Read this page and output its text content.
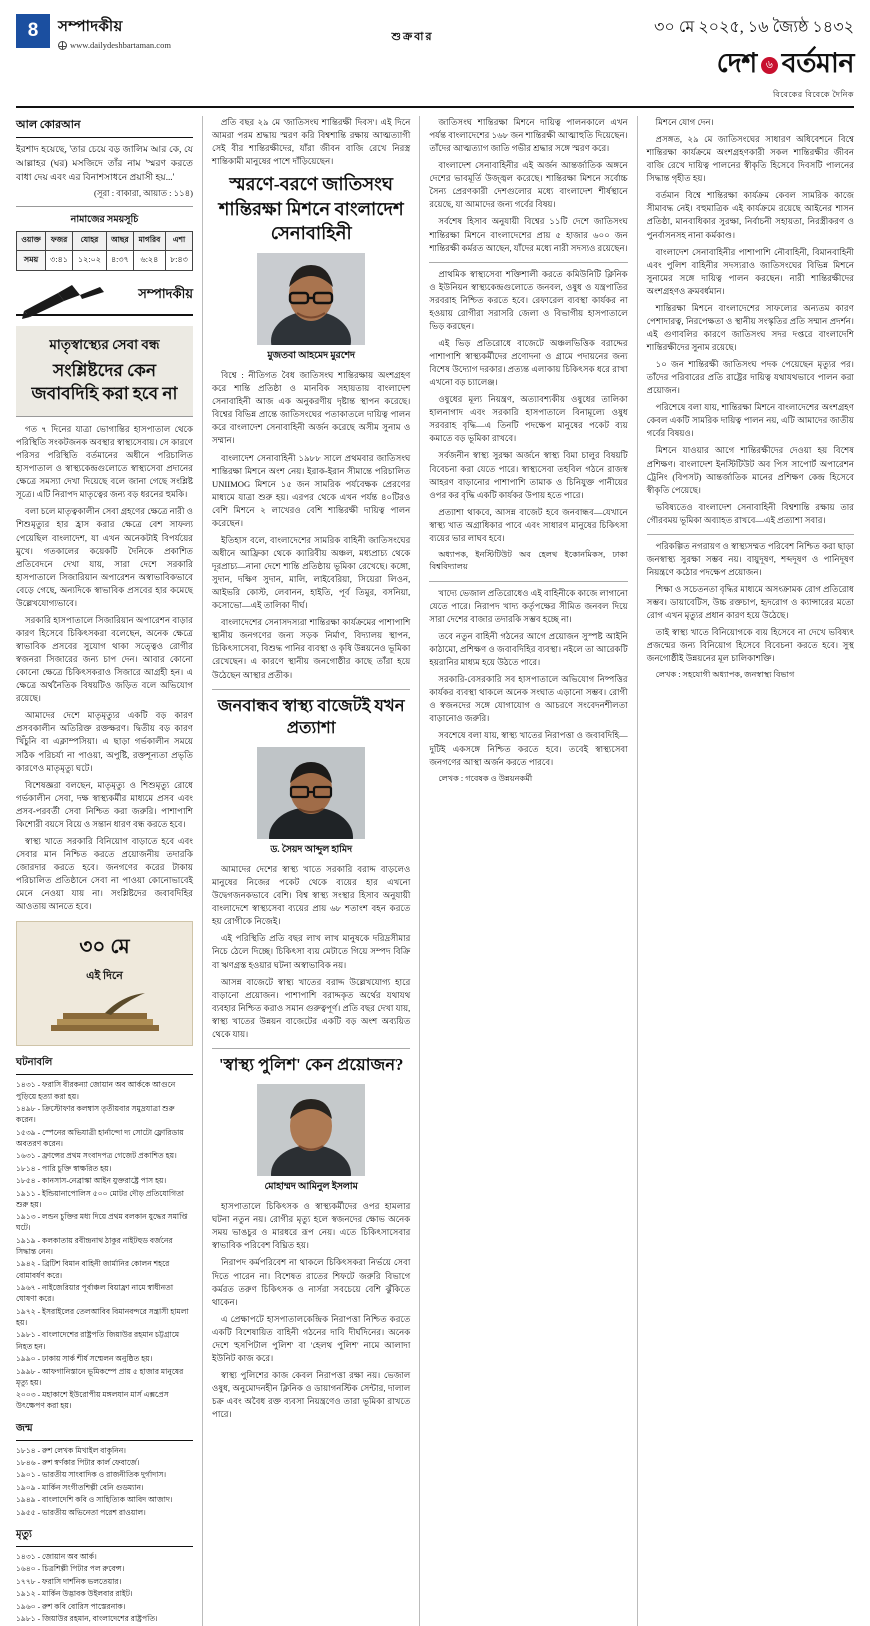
8	সম্পাদকীয়
www.dailydeshbartaman.com
শুক্রবার
৩০ মে ২০২৫, ১৬ জ্যৈষ্ঠ ১৪৩২
দেশ ৬ বর্তমান
বিবেকের বিবেকে দৈনিক
আল কোরআন
ইরশাদ হয়েছে, 'তার চেয়ে বড় জালিম আর কে, যে আল্লাহর (ঘর) মসজিদে তাঁর নাম 'স্মরণ করতে বাধা দেয় এবং এর বিনাশসাধনে প্রয়াসী হয়...'
(সূরা : বাকারা, আয়াত : ১১৪)
নামাজের সময়সূচি
ওয়াক্ত	ফজর	যোহর	আছর	মাগরিব	এশা
সময়	৩:৪১	১২:০২	৪:৩৭	৬:২৪	৮:৪৩
সম্পাদকীয়
মাতৃস্বাস্থ্যের সেবা বন্ধ
সংশ্লিষ্টদের কেন জবাবদিহি করা হবে না

গত ৭ দিনের যাত্রা ভোগান্তির হাসপাতাল থেকে পরিস্থিতি সংকটজনক অবস্থার স্বাস্থ্যসেবায়। সে কারণে পরিসর পরিস্থিতি বর্তমানের অধীনে পরিচালিত হাসপাতাল ও স্বাস্থ্যকেন্দ্রগুলোতে স্বাস্থ্যসেবা প্রদানের ক্ষেত্রে সমস্যা দেখা দিয়েছে বলে জানা গেছে সংশ্লিষ্ট সূত্রে। এটি নিরাপদ মাতৃত্বের জন্য বড় ধরনের হুমকি।

বলা চলে মাতৃত্বকালীন সেবা গ্রহণের ক্ষেত্রে নারী ও শিশুমৃত্যুর হার হ্রাস করার ক্ষেত্রে বেশ সাফল্য পেয়েছিল বাংলাদেশ, যা এখন অনেকটাই বিপর্যয়ের মুখে। গতকালের কয়েকটি দৈনিকে প্রকাশিত প্রতিবেদনে দেখা যায়, সারা দেশে সরকারি হাসপাতালে সিজারিয়ান অপারেশন অস্বাভাবিকভাবে বেড়ে গেছে, অন্যদিকে স্বাভাবিক প্রসবের হার কমেছে উল্লেখযোগ্যভাবে।

সরকারি হাসপাতালে সিজারিয়ান অপারেশন বাড়ার কারণ হিসেবে চিকিৎসকরা বলেছেন, অনেক ক্ষেত্রে স্বাভাবিক প্রসবের সুযোগ থাকা সত্ত্বেও রোগীর স্বজনরা সিজারের জন্য চাপ দেন। আবার কোনো কোনো ক্ষেত্রে চিকিৎসকরাও সিজারে আগ্রহী হন। এ ক্ষেত্রে অর্থনৈতিক বিষয়টিও জড়িত বলে অভিযোগ রয়েছে।

আমাদের দেশে মাতৃমৃত্যুর একটি বড় কারণ প্রসবকালীন অতিরিক্ত রক্তক্ষরণ। দ্বিতীয় বড় কারণ খিঁচুনি বা এক্লাম্পসিয়া। এ ছাড়া গর্ভকালীন সময়ে সঠিক পরিচর্যা না পাওয়া, অপুষ্টি, রক্তশূন্যতা প্রভৃতি কারণেও মাতৃমৃত্যু ঘটে।

বিশেষজ্ঞরা বলছেন, মাতৃমৃত্যু ও শিশুমৃত্যু রোধে গর্ভকালীন সেবা, দক্ষ স্বাস্থ্যকর্মীর মাধ্যমে প্রসব এবং প্রসব-পরবর্তী সেবা নিশ্চিত করা জরুরি। পাশাপাশি কিশোরী বয়সে বিয়ে ও সন্তান ধারণ বন্ধ করতে হবে।

স্বাস্থ্য খাতে সরকারি বিনিয়োগ বাড়াতে হবে এবং সেবার মান নিশ্চিত করতে প্রয়োজনীয় তদারকি জোরদার করতে হবে। জনগণের করের টাকায় পরিচালিত প্রতিষ্ঠানে সেবা না পাওয়া কোনোভাবেই মেনে নেওয়া যায় না। সংশ্লিষ্টদের জবাবদিহির আওতায় আনতে হবে।

৩০ মে
এই দিনে
ঘটনাবলি
১৪৩১ - ফরাসি বীরকন্যা জোয়ান অব আর্ককে আগুনে পুড়িয়ে হত্যা করা হয়।
১৪৯৮ - ক্রিস্টোফার কলম্বাস তৃতীয়বার সমুদ্রযাত্রা শুরু করেন।
১৫৩৯ - স্পেনের অভিযাত্রী হার্নান্দো দ্য সোটো ফ্লোরিডায় অবতরণ করেন।
১৬৩১ - ফ্রান্সের প্রথম সংবাদপত্র গেজেট প্রকাশিত হয়।
১৮১৪ - পারি চুক্তি স্বাক্ষরিত হয়।
১৮৫৪ - কানসাস-নেব্রাস্কা আইন যুক্তরাষ্ট্রে পাস হয়।
১৯১১ - ইন্ডিয়ানাপোলিস ৫০০ মোটর দৌড় প্রতিযোগিতা শুরু হয়।
১৯১৩ - লন্ডন চুক্তির মধ্য দিয়ে প্রথম বলকান যুদ্ধের সমাপ্তি ঘটে।
১৯১৯ - কলকাতায় রবীন্দ্রনাথ ঠাকুর নাইটহুড বর্জনের সিদ্ধান্ত নেন।
১৯৪২ - ব্রিটিশ বিমান বাহিনী জার্মানির কোলন শহরে বোমাবর্ষণ করে।
১৯৬৭ - নাইজেরিয়ার পূর্বাঞ্চল বিয়াফ্রা নামে স্বাধীনতা ঘোষণা করে।
১৯৭২ - ইসরাইলের তেলআবিব বিমানবন্দরে সন্ত্রাসী হামলা হয়।
১৯৮১ - বাংলাদেশের রাষ্ট্রপতি জিয়াউর রহমান চট্টগ্রামে নিহত হন।
১৯৯০ - ঢাকায় সার্ক শীর্ষ সম্মেলন অনুষ্ঠিত হয়।
১৯৯৮ - আফগানিস্তানে ভূমিকম্পে প্রায় ৫ হাজার মানুষের মৃত্যু হয়।
২০০৩ - মহাকাশে ইউরোপীয় মঙ্গলযান মার্স এক্সপ্রেস উৎক্ষেপণ করা হয়।
জন্ম
১৮১৪ - রুশ লেখক মিখাইল বাকুনিন।
১৮৪৬ - রুশ স্বর্ণকার পিটার কার্ল ফেবার্জে।
১৯০১ - ভারতীয় সাংবাদিক ও রাজনীতিক দুর্গাদাস।
১৯০৯ - মার্কিন সংগীতশিল্পী বেনি গুডম্যান।
১৯৪৯ - বাংলাদেশি কবি ও সাহিত্যিক আবিদ আজাদ।
১৯৫৫ - ভারতীয় অভিনেতা পরেশ রাওয়াল।
মৃত্যু
১৪৩১ - জোয়ান অব আর্ক।
১৬৪০ - চিত্রশিল্পী পিটার পল রুবেন্স।
১৭৭৮ - ফরাসি দার্শনিক ভলতেয়ার।
১৯১২ - মার্কিন উদ্ভাবক উইলবার রাইট।
১৯৬০ - রুশ কবি বোরিস পাস্তেরনাক।
১৯৮১ - জিয়াউর রহমান, বাংলাদেশের রাষ্ট্রপতি।

প্রতি বছর ২৯ মে 'জাতিসংঘ শান্তিরক্ষী দিবস'। এই দিনে আমরা পরম শ্রদ্ধায় স্মরণ করি বিশ্বশান্তি রক্ষায় আত্মত্যাগী সেই বীর শান্তিরক্ষীদের, যাঁরা জীবন বাজি রেখে নিরস্ত্র শান্তিকামী মানুষের পাশে দাঁড়িয়েছেন।

স্মরণে-বরণে জাতিসংঘ শান্তিরক্ষা মিশনে বাংলাদেশ সেনাবাহিনী
মুজতবা আহমেদ মুরশেদ

বিশ্বে : নীতিগত বৈধ জাতিসংঘ শান্তিরক্ষায় অংশগ্রহণ করে শান্তি প্রতিষ্ঠা ও মানবিক সহায়তায় বাংলাদেশ সেনাবাহিনী আজ এক অনুকরণীয় দৃষ্টান্ত স্থাপন করেছে। বিশ্বের বিভিন্ন প্রান্তে জাতিসংঘের পতাকাতলে দায়িত্ব পালন করে বাংলাদেশ সেনাবাহিনী অর্জন করেছে অসীম সুনাম ও সম্মান।

বাংলাদেশ সেনাবাহিনী ১৯৮৮ সালে প্রথমবার জাতিসংঘ শান্তিরক্ষা মিশনে অংশ নেয়। ইরাক-ইরান সীমান্তে পরিচালিত UNIIMOG মিশনে ১৫ জন সামরিক পর্যবেক্ষক প্রেরণের মাধ্যমে যাত্রা শুরু হয়। এরপর থেকে এখন পর্যন্ত ৪০টিরও বেশি মিশনে ২ লাখেরও বেশি শান্তিরক্ষী দায়িত্ব পালন করেছেন।

ইতিহাস বলে, বাংলাদেশের সামরিক বাহিনী জাতিসংঘের অধীনে আফ্রিকা থেকে ক্যারিবীয় অঞ্চল, মধ্যপ্রাচ্য থেকে দূরপ্রাচ্য—নানা দেশে শান্তি প্রতিষ্ঠায় ভূমিকা রেখেছে। কঙ্গো, সুদান, দক্ষিণ সুদান, মালি, লাইবেরিয়া, সিয়েরা লিওন, আইভরি কোস্ট, লেবানন, হাইতি, পূর্ব তিমুর, বসনিয়া, কসোভো—এই তালিকা দীর্ঘ।

বাংলাদেশের সেনাসদস্যরা শান্তিরক্ষা কার্যক্রমের পাশাপাশি স্থানীয় জনগণের জন্য সড়ক নির্মাণ, বিদ্যালয় স্থাপন, চিকিৎসাসেবা, বিশুদ্ধ পানির ব্যবস্থা ও কৃষি উন্নয়নেও ভূমিকা রেখেছেন। এ কারণে স্থানীয় জনগোষ্ঠীর কাছে তাঁরা হয়ে উঠেছেন আস্থার প্রতীক।

জনবান্ধব স্বাস্থ্য বাজেটই যখন প্রত্যাশা
ড. সৈয়দ আব্দুল হামিদ

আমাদের দেশের স্বাস্থ্য খাতে সরকারি বরাদ্দ বাড়লেও মানুষের নিজের পকেট থেকে ব্যয়ের হার এখনো উদ্বেগজনকভাবে বেশি। বিশ্ব স্বাস্থ্য সংস্থার হিসাব অনুযায়ী বাংলাদেশে স্বাস্থ্যসেবা ব্যয়ের প্রায় ৬৮ শতাংশ বহন করতে হয় রোগীকে নিজেই।

এই পরিস্থিতি প্রতি বছর লাখ লাখ মানুষকে দরিদ্রসীমার নিচে ঠেলে দিচ্ছে। চিকিৎসা ব্যয় মেটাতে গিয়ে সম্পদ বিক্রি বা ঋণগ্রস্ত হওয়ার ঘটনা অস্বাভাবিক নয়।

আসন্ন বাজেটে স্বাস্থ্য খাতের বরাদ্দ উল্লেখযোগ্য হারে বাড়ানো প্রয়োজন। পাশাপাশি বরাদ্দকৃত অর্থের যথাযথ ব্যবহার নিশ্চিত করাও সমান গুরুত্বপূর্ণ। প্রতি বছর দেখা যায়, স্বাস্থ্য খাতের উন্নয়ন বাজেটের একটি বড় অংশ অব্যয়িত থেকে যায়।

'স্বাস্থ্য পুলিশ' কেন প্রয়োজন?
মোহাম্মদ আমিনুল ইসলাম

হাসপাতালে চিকিৎসক ও স্বাস্থ্যকর্মীদের ওপর হামলার ঘটনা নতুন নয়। রোগীর মৃত্যু হলে স্বজনদের ক্ষোভ অনেক সময় ভাঙচুর ও মারধরে রূপ নেয়। এতে চিকিৎসাসেবার স্বাভাবিক পরিবেশ বিঘ্নিত হয়।

নিরাপদ কর্মপরিবেশ না থাকলে চিকিৎসকরা নির্ভয়ে সেবা দিতে পারেন না। বিশেষত রাতের শিফটে জরুরি বিভাগে কর্মরত তরুণ চিকিৎসক ও নার্সরা সবচেয়ে বেশি ঝুঁকিতে থাকেন।

এ প্রেক্ষাপটে হাসপাতালকেন্দ্রিক নিরাপত্তা নিশ্চিত করতে একটি বিশেষায়িত বাহিনী গঠনের দাবি দীর্ঘদিনের। অনেক দেশে 'হসপিটাল পুলিশ' বা 'হেলথ পুলিশ' নামে আলাদা ইউনিট কাজ করে।

স্বাস্থ্য পুলিশের কাজ কেবল নিরাপত্তা রক্ষা নয়। ভেজাল ওষুধ, অনুমোদনহীন ক্লিনিক ও ডায়াগনস্টিক সেন্টার, দালাল চক্র এবং অবৈধ রক্ত ব্যবসা নিয়ন্ত্রণেও তারা ভূমিকা রাখতে পারে।

জাতিসংঘ শান্তিরক্ষা মিশনে দায়িত্ব পালনকালে এখন পর্যন্ত বাংলাদেশের ১৬৮ জন শান্তিরক্ষী আত্মাহুতি দিয়েছেন। তাঁদের আত্মত্যাগ জাতি গভীর শ্রদ্ধার সঙ্গে স্মরণ করে।

বাংলাদেশ সেনাবাহিনীর এই অর্জন আন্তর্জাতিক অঙ্গনে দেশের ভাবমূর্তি উজ্জ্বল করেছে। শান্তিরক্ষা মিশনে সর্বোচ্চ সৈন্য প্রেরণকারী দেশগুলোর মধ্যে বাংলাদেশ শীর্ষস্থানে রয়েছে, যা আমাদের জন্য গর্বের বিষয়।

সর্বশেষ হিসাব অনুযায়ী বিশ্বের ১১টি দেশে জাতিসংঘ শান্তিরক্ষা মিশনে বাংলাদেশের প্রায় ৫ হাজার ৬০০ জন শান্তিরক্ষী কর্মরত আছেন, যাঁদের মধ্যে নারী সদস্যও রয়েছেন।

প্রাথমিক স্বাস্থ্যসেবা শক্তিশালী করতে কমিউনিটি ক্লিনিক ও ইউনিয়ন স্বাস্থ্যকেন্দ্রগুলোতে জনবল, ওষুধ ও যন্ত্রপাতির সরবরাহ নিশ্চিত করতে হবে। রেফারেল ব্যবস্থা কার্যকর না হওয়ায় রোগীরা সরাসরি জেলা ও বিভাগীয় হাসপাতালে ভিড় করছেন।

এই ভিড় প্রতিরোধে বাজেটে অঞ্চলভিত্তিক বরাদ্দের পাশাপাশি স্বাস্থ্যকর্মীদের প্রণোদনা ও গ্রামে পদায়নের জন্য বিশেষ উদ্যোগ দরকার। প্রত্যন্ত এলাকায় চিকিৎসক ধরে রাখা এখনো বড় চ্যালেঞ্জ।

ওষুধের মূল্য নিয়ন্ত্রণ, অত্যাবশ্যকীয় ওষুধের তালিকা হালনাগাদ এবং সরকারি হাসপাতালে বিনামূল্যে ওষুধ সরবরাহ বৃদ্ধি—এ তিনটি পদক্ষেপ মানুষের পকেট ব্যয় কমাতে বড় ভূমিকা রাখবে।

সর্বজনীন স্বাস্থ্য সুরক্ষা অর্জনে স্বাস্থ্য বিমা চালুর বিষয়টি বিবেচনা করা যেতে পারে। স্বাস্থ্যসেবা তহবিল গঠনে রাজস্ব আহরণ বাড়ানোর পাশাপাশি তামাক ও চিনিযুক্ত পানীয়ের ওপর কর বৃদ্ধি একটি কার্যকর উপায় হতে পারে।

প্রত্যাশা থাকবে, আসন্ন বাজেট হবে জনবান্ধব—যেখানে স্বাস্থ্য খাত অগ্রাধিকার পাবে এবং সাধারণ মানুষের চিকিৎসা ব্যয়ের ভার লাঘব হবে।

অধ্যাপক, ইনস্টিটিউট অব হেলথ ইকোনমিকস, ঢাকা বিশ্ববিদ্যালয়

খাদ্যে ভেজাল প্রতিরোধেও এই বাহিনীকে কাজে লাগানো যেতে পারে। নিরাপদ খাদ্য কর্তৃপক্ষের সীমিত জনবল দিয়ে সারা দেশের বাজার তদারকি সম্ভব হচ্ছে না।

তবে নতুন বাহিনী গঠনের আগে প্রয়োজন সুস্পষ্ট আইনি কাঠামো, প্রশিক্ষণ ও জবাবদিহির ব্যবস্থা। নইলে তা আরেকটি হয়রানির মাধ্যম হয়ে উঠতে পারে।

সরকারি-বেসরকারি সব হাসপাতালে অভিযোগ নিষ্পত্তির কার্যকর ব্যবস্থা থাকলে অনেক সংঘাত এড়ানো সম্ভব। রোগী ও স্বজনদের সঙ্গে যোগাযোগ ও আচরণে সংবেদনশীলতা বাড়ানোও জরুরি।

সবশেষে বলা যায়, স্বাস্থ্য খাতের নিরাপত্তা ও জবাবদিহি—দুটিই একসঙ্গে নিশ্চিত করতে হবে। তবেই স্বাস্থ্যসেবা জনগণের আস্থা অর্জন করতে পারবে।

লেখক : গবেষক ও উন্নয়নকর্মী

মিশনে যোগ দেন।

প্রসঙ্গত, ২৯ মে জাতিসংঘের সাধারণ অধিবেশনে বিশ্বে শান্তিরক্ষা কার্যক্রমে অংশগ্রহণকারী সকল শান্তিরক্ষীর জীবন বাজি রেখে দায়িত্ব পালনের স্বীকৃতি হিসেবে দিবসটি পালনের সিদ্ধান্ত গৃহীত হয়।

বর্তমান বিশ্বে শান্তিরক্ষা কার্যক্রম কেবল সামরিক কাজে সীমাবদ্ধ নেই। বহুমাত্রিক এই কার্যক্রমে রয়েছে আইনের শাসন প্রতিষ্ঠা, মানবাধিকার সুরক্ষা, নির্বাচনী সহায়তা, নিরস্ত্রীকরণ ও পুনর্বাসনসহ নানা কর্মকাণ্ড।

বাংলাদেশ সেনাবাহিনীর পাশাপাশি নৌবাহিনী, বিমানবাহিনী এবং পুলিশ বাহিনীর সদস্যরাও জাতিসংঘের বিভিন্ন মিশনে সুনামের সঙ্গে দায়িত্ব পালন করছেন। নারী শান্তিরক্ষীদের অংশগ্রহণও ক্রমবর্ধমান।

শান্তিরক্ষা মিশনে বাংলাদেশের সাফল্যের অন্যতম কারণ পেশাদারত্ব, নিরপেক্ষতা ও স্থানীয় সংস্কৃতির প্রতি সম্মান প্রদর্শন। এই গুণাবলির কারণে জাতিসংঘ সদর দপ্তরে বাংলাদেশি শান্তিরক্ষীদের সুনাম রয়েছে।

১০ জন শান্তিরক্ষী জাতিসংঘ পদক পেয়েছেন মৃত্যুর পর। তাঁদের পরিবারের প্রতি রাষ্ট্রের দায়িত্ব যথাযথভাবে পালন করা প্রয়োজন।

পরিশেষে বলা যায়, শান্তিরক্ষা মিশনে বাংলাদেশের অংশগ্রহণ কেবল একটি সামরিক দায়িত্ব পালন নয়, এটি আমাদের জাতীয় গর্বের বিষয়ও।

মিশনে যাওয়ার আগে শান্তিরক্ষীদের দেওয়া হয় বিশেষ প্রশিক্ষণ। বাংলাদেশ ইনস্টিটিউট অব পিস সাপোর্ট অপারেশন ট্রেনিং (বিপসট) আন্তর্জাতিক মানের প্রশিক্ষণ কেন্দ্র হিসেবে স্বীকৃতি পেয়েছে।

ভবিষ্যতেও বাংলাদেশ সেনাবাহিনী বিশ্বশান্তি রক্ষায় তার গৌরবময় ভূমিকা অব্যাহত রাখবে—এই প্রত্যাশা সবার।

পরিকল্পিত নগরায়ণ ও স্বাস্থ্যসম্মত পরিবেশ নিশ্চিত করা ছাড়া জনস্বাস্থ্য সুরক্ষা সম্ভব নয়। বায়ুদূষণ, শব্দদূষণ ও পানিদূষণ নিয়ন্ত্রণে কঠোর পদক্ষেপ প্রয়োজন।

শিক্ষা ও সচেতনতা বৃদ্ধির মাধ্যমে অসংক্রামক রোগ প্রতিরোধ সম্ভব। ডায়াবেটিস, উচ্চ রক্তচাপ, হৃদরোগ ও ক্যান্সারের মতো রোগ এখন মৃত্যুর প্রধান কারণ হয়ে উঠেছে।

তাই স্বাস্থ্য খাতে বিনিয়োগকে ব্যয় হিসেবে না দেখে ভবিষ্যৎ প্রজন্মের জন্য বিনিয়োগ হিসেবে বিবেচনা করতে হবে। সুস্থ জনগোষ্ঠীই উন্নয়নের মূল চালিকাশক্তি।

লেখক : সহযোগী অধ্যাপক, জনস্বাস্থ্য বিভাগ
